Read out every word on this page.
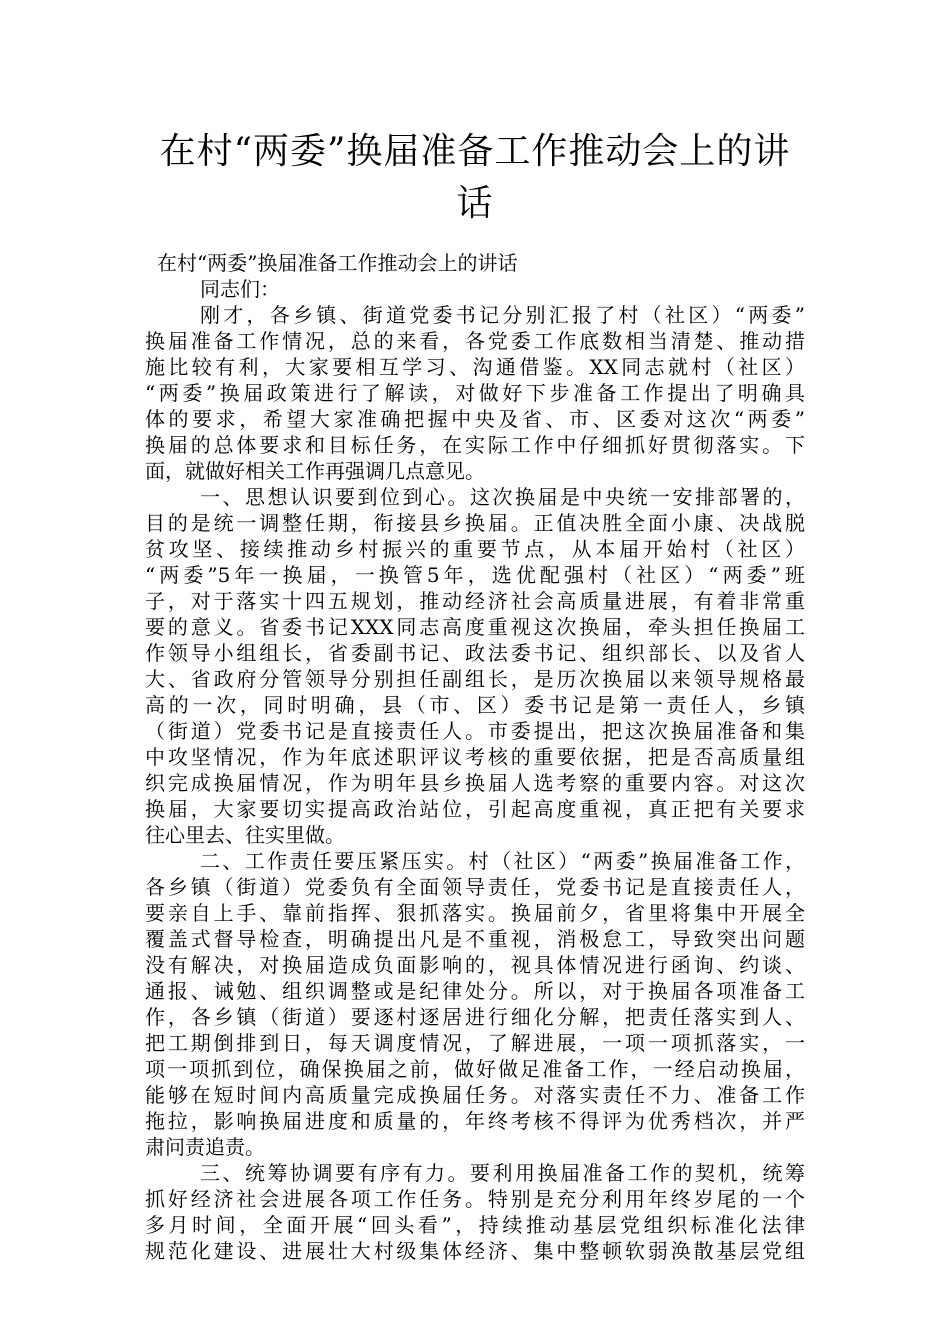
在村“两委”换届准备工作推动会上的讲
话
在村“两委”换届准备工作推动会上的讲话
同志们：
刚才，各乡镇、街道党委书记分别汇报了村（社区）“两委”
换届准备工作情况，总的来看，各党委工作底数相当清楚、推动措
施比较有利，大家要相互学习、沟通借鉴。XX同志就村（社区）
“两委”换届政策进行了解读，对做好下步准备工作提出了明确具
体的要求，希望大家准确把握中央及省、市、区委对这次“两委”
换届的总体要求和目标任务，在实际工作中仔细抓好贯彻落实。下
面，就做好相关工作再强调几点意见。
一、思想认识要到位到心。这次换届是中央统一安排部署的，
目的是统一调整任期，衔接县乡换届。正值决胜全面小康、决战脱
贫攻坚、接续推动乡村振兴的重要节点，从本届开始村（社区）
“两委”5年一换届，一换管5年，选优配强村（社区）“两委”班
子，对于落实十四五规划，推动经济社会高质量进展，有着非常重
要的意义。省委书记XXX同志高度重视这次换届，牵头担任换届工
作领导小组组长，省委副书记、政法委书记、组织部长、以及省人
大、省政府分管领导分别担任副组长，是历次换届以来领导规格最
高的一次，同时明确，县（市、区）委书记是第一责任人，乡镇
（街道）党委书记是直接责任人。市委提出，把这次换届准备和集
中攻坚情况，作为年底述职评议考核的重要依据，把是否高质量组
织完成换届情况，作为明年县乡换届人选考察的重要内容。对这次
换届，大家要切实提高政治站位，引起高度重视，真正把有关要求
往心里去、往实里做。
二、工作责任要压紧压实。村（社区）“两委”换届准备工作，
各乡镇（街道）党委负有全面领导责任，党委书记是直接责任人，
要亲自上手、靠前指挥、狠抓落实。换届前夕，省里将集中开展全
覆盖式督导检查，明确提出凡是不重视，消极怠工，导致突出问题
没有解决，对换届造成负面影响的，视具体情况进行函询、约谈、
通报、诫勉、组织调整或是纪律处分。所以，对于换届各项准备工
作，各乡镇（街道）要逐村逐居进行细化分解，把责任落实到人、
把工期倒排到日，每天调度情况，了解进展，一项一项抓落实，一
项一项抓到位，确保换届之前，做好做足准备工作，一经启动换届，
能够在短时间内高质量完成换届任务。对落实责任不力、准备工作
拖拉，影响换届进度和质量的，年终考核不得评为优秀档次，并严
肃问责追责。
三、统筹协调要有序有力。要利用换届准备工作的契机，统筹
抓好经济社会进展各项工作任务。特别是充分利用年终岁尾的一个
多月时间，全面开展“回头看”，持续推动基层党组织标准化法律
规范化建设、进展壮大村级集体经济、集中整顿软弱涣散基层党组
